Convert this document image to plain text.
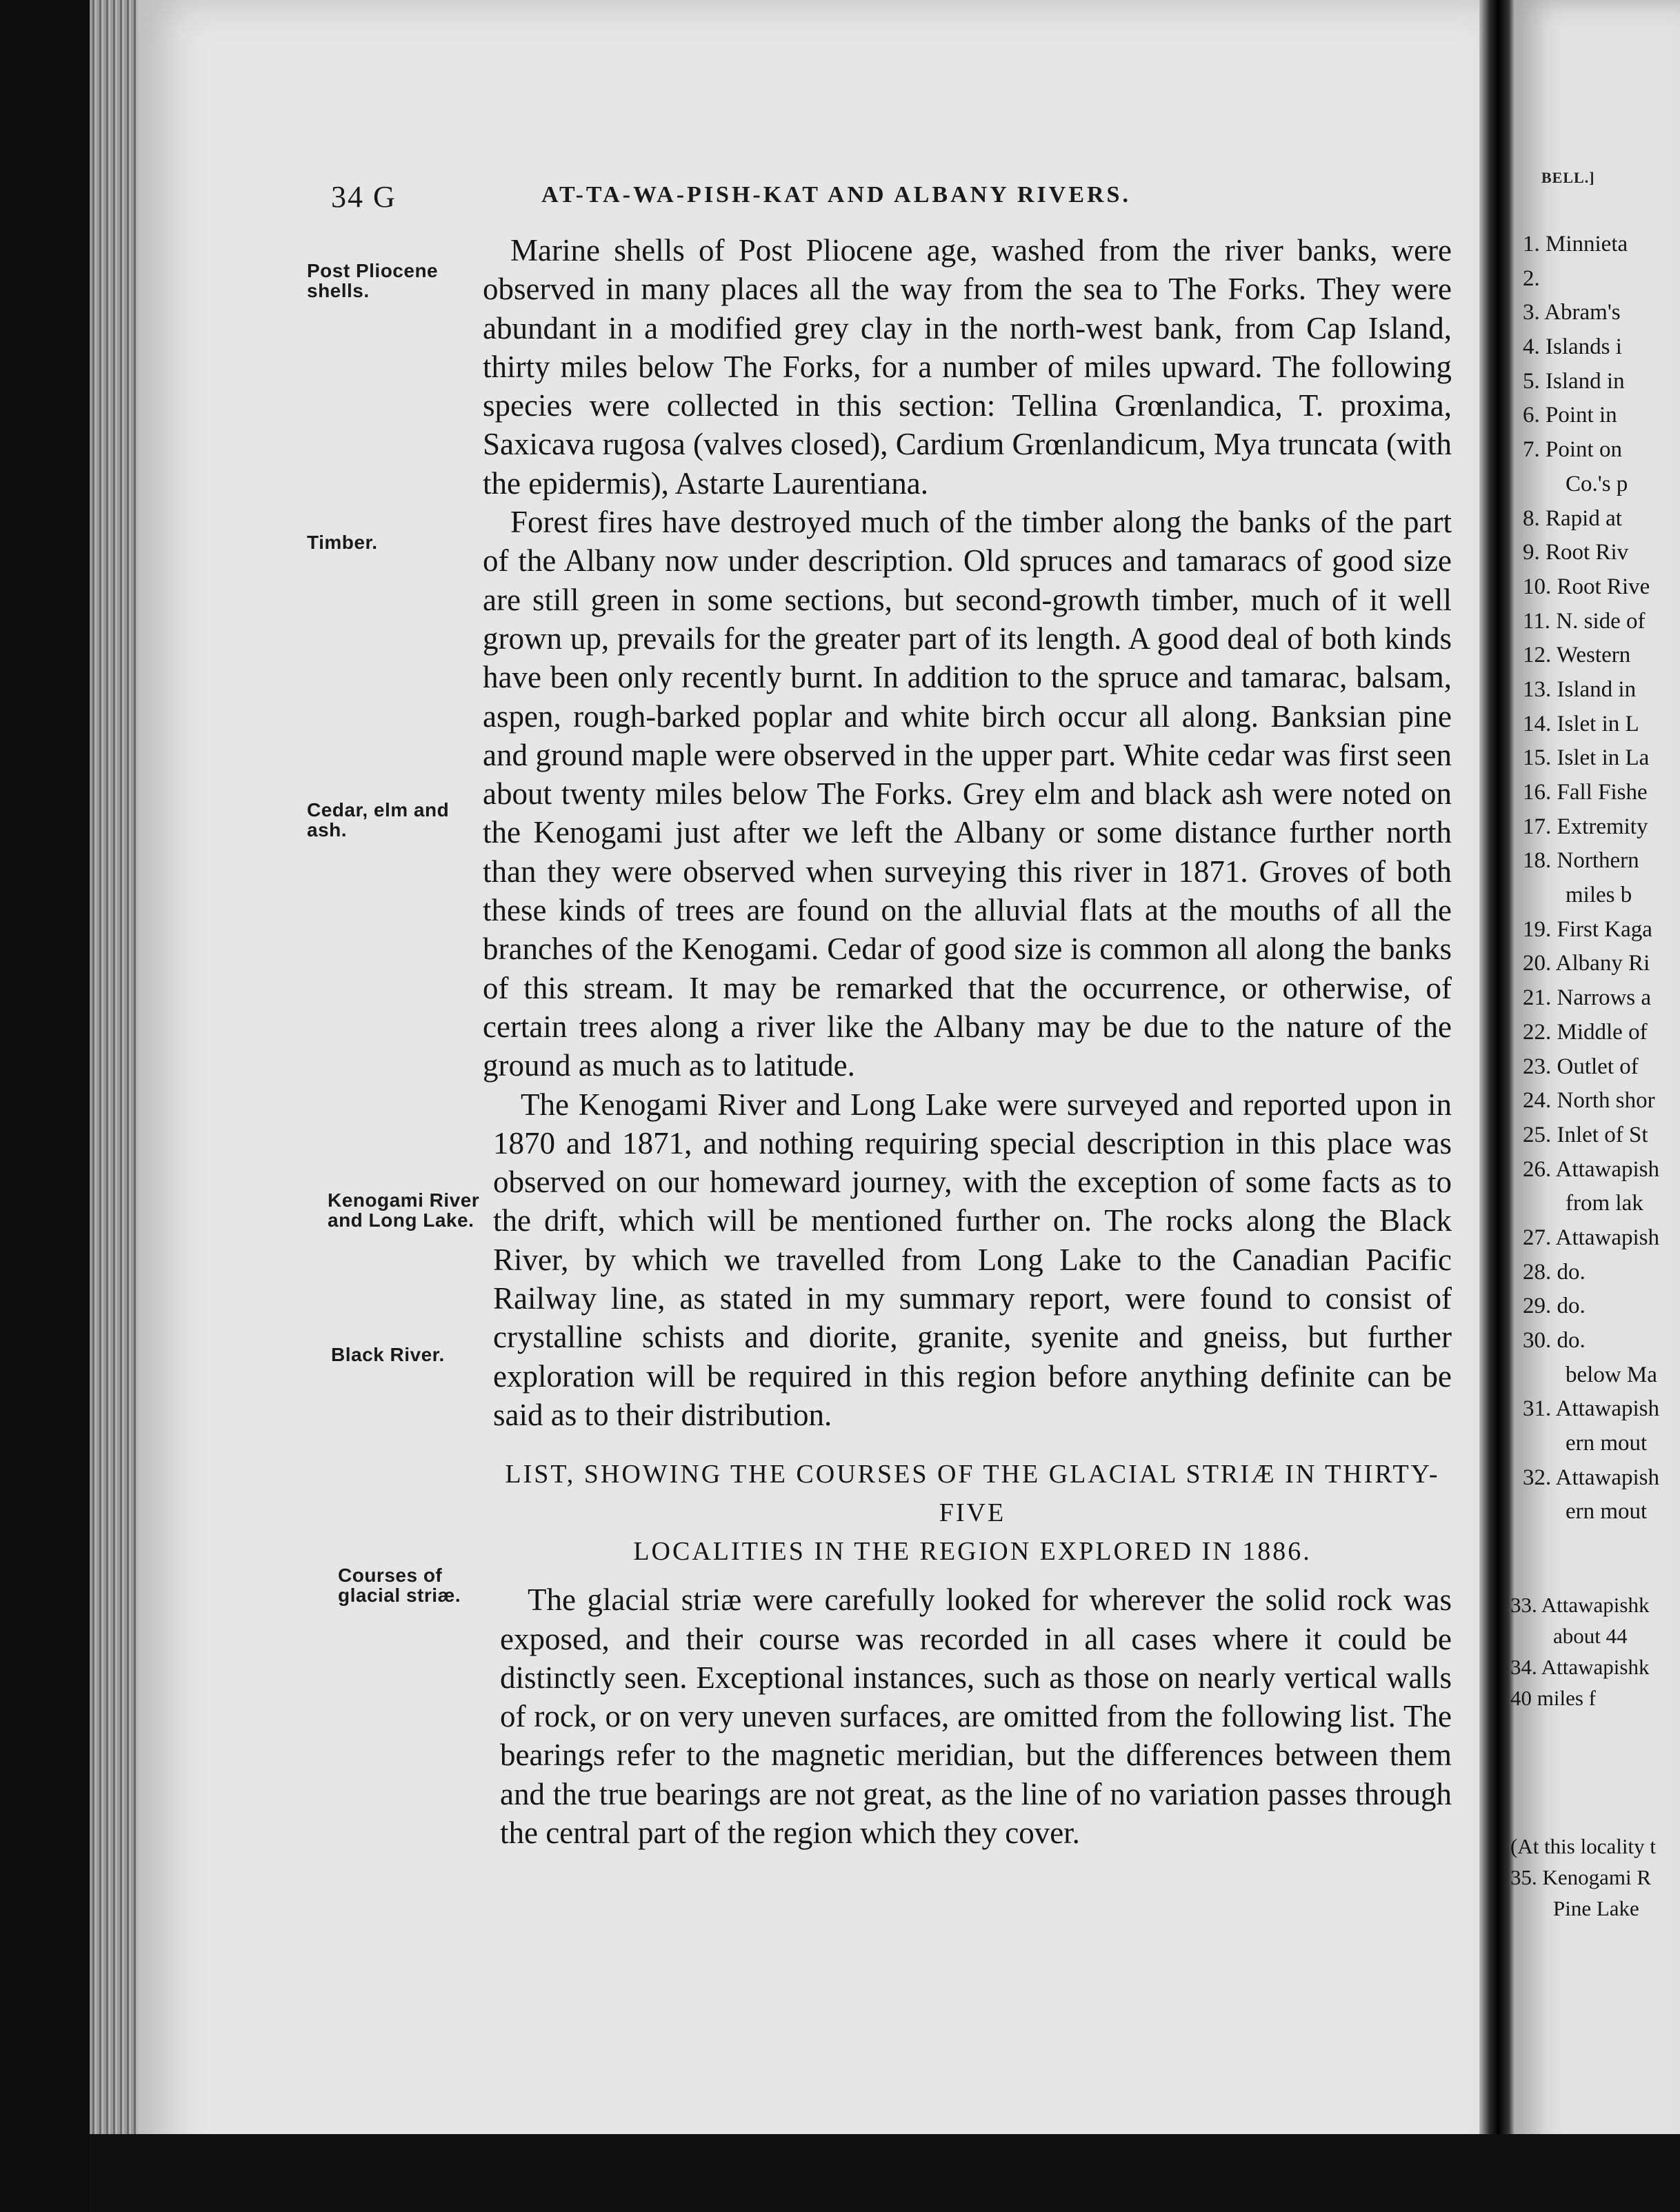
34 G	AT-TA-WA-PISH-KAT AND ALBANY RIVERS.
Post Pliocene shells.
Timber.
Cedar, elm and ash.
Kenogami River and Long Lake.
Black River.
Courses of glacial striæ.

Marine shells of Post Pliocene age, washed from the river banks, were observed in many places all the way from the sea to The Forks. They were abundant in a modified grey clay in the north-west bank, from Cap Island, thirty miles below The Forks, for a number of miles upward. The following species were collected in this section: Tellina Grœnlandica, T. proxima, Saxicava rugosa (valves closed), Cardium Grœnlandicum, Mya truncata (with the epidermis), Astarte Laurentiana.

Forest fires have destroyed much of the timber along the banks of the part of the Albany now under description. Old spruces and tamaracs of good size are still green in some sections, but second-growth timber, much of it well grown up, prevails for the greater part of its length. A good deal of both kinds have been only recently burnt. In addition to the spruce and tamarac, balsam, aspen, rough-barked poplar and white birch occur all along. Banksian pine and ground maple were observed in the upper part. White cedar was first seen about twenty miles below The Forks. Grey elm and black ash were noted on the Kenogami just after we left the Albany or some distance further north than they were observed when surveying this river in 1871. Groves of both these kinds of trees are found on the alluvial flats at the mouths of all the branches of the Kenogami. Cedar of good size is common all along the banks of this stream. It may be remarked that the occurrence, or otherwise, of certain trees along a river like the Albany may be due to the nature of the ground as much as to latitude.

The Kenogami River and Long Lake were surveyed and reported upon in 1870 and 1871, and nothing requiring special description in this place was observed on our homeward journey, with the exception of some facts as to the drift, which will be mentioned further on. The rocks along the Black River, by which we travelled from Long Lake to the Canadian Pacific Railway line, as stated in my summary report, were found to consist of crystalline schists and diorite, granite, syenite and gneiss, but further exploration will be required in this region before anything definite can be said as to their distribution.

LIST, SHOWING THE COURSES OF THE GLACIAL STRIÆ IN THIRTY-FIVE
LOCALITIES IN THE REGION EXPLORED IN 1886.

The glacial striæ were carefully looked for wherever the solid rock was exposed, and their course was recorded in all cases where it could be distinctly seen. Exceptional instances, such as those on nearly vertical walls of rock, or on very uneven surfaces, are omitted from the following list. The bearings refer to the magnetic meridian, but the differences between them and the true bearings are not great, as the line of no variation passes through the central part of the region which they cover.

BELL.]
1. Minnieta
2.
3. Abram's
4. Islands i
5. Island in
6. Point in
7. Point on
Co.'s p
8. Rapid at
9. Root Riv
10. Root Rive
11. N. side of
12. Western
13. Island in
14. Islet in L
15. Islet in La
16. Fall Fishe
17. Extremity
18. Northern
miles b
19. First Kaga
20. Albany Ri
21. Narrows a
22. Middle of
23. Outlet of
24. North shor
25. Inlet of St
26. Attawapish
from lak
27. Attawapish
28. do.
29. do.
30. do.
below Ma
31. Attawapish
ern mout
32. Attawapish
ern mout
33. Attawapishk
about 44
34. Attawapishk
40 miles f
(At this locality t
35. Kenogami R
Pine Lake
